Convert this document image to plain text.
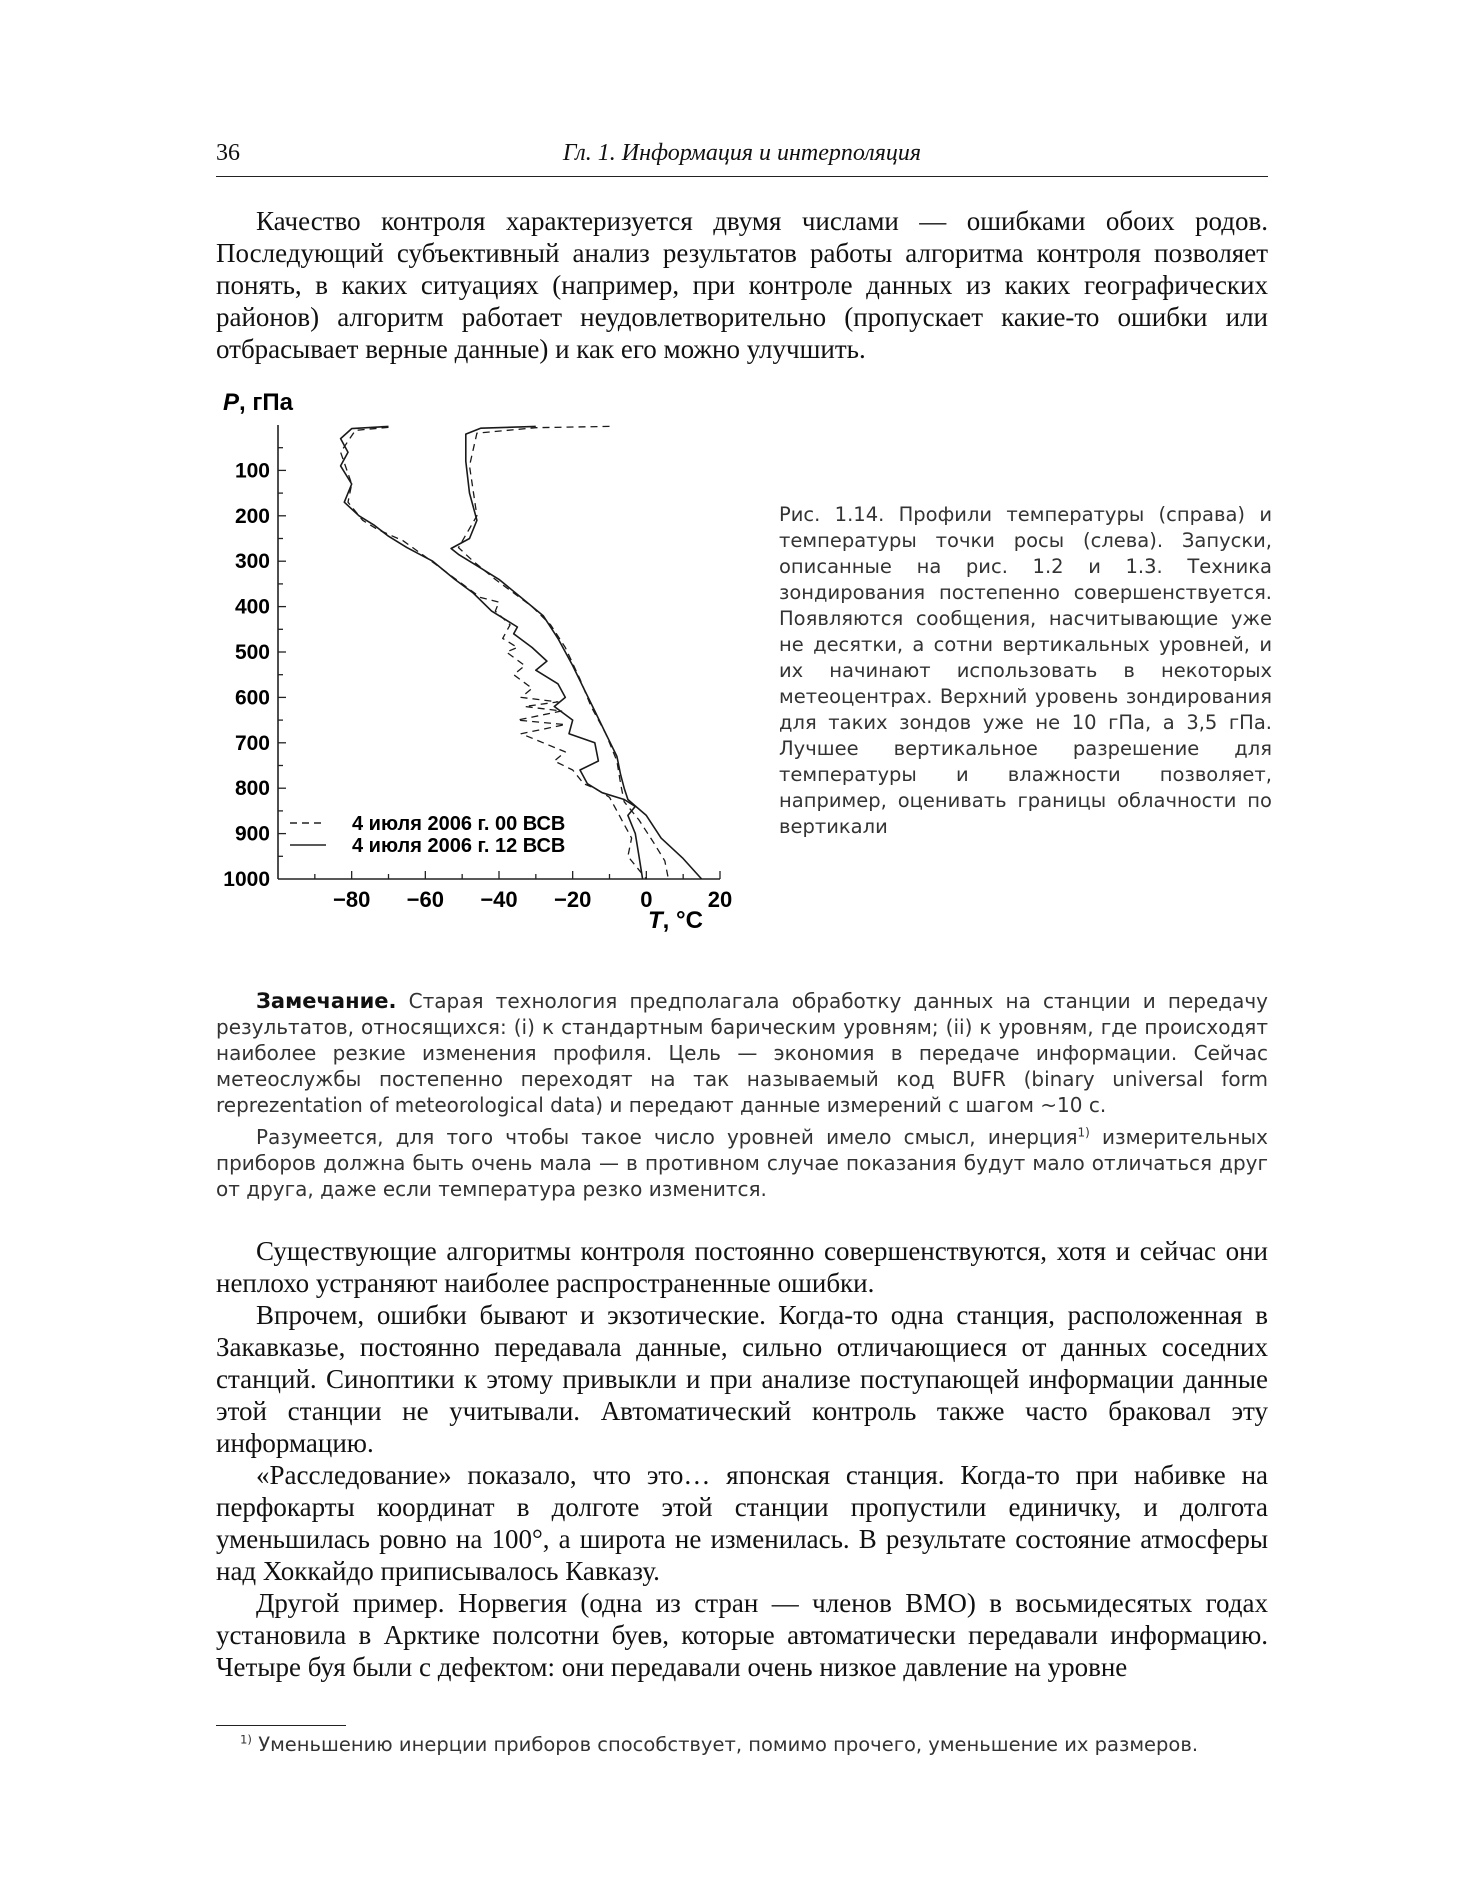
36	Гл. 1. Информация и интерполяция

Качество контроля характеризуется двумя числами — ошибками обоих родов. Последующий субъективный анализ результатов работы алгоритма контроля позволяет понять, в каких ситуациях (например, при контроле данных из каких географических районов) алгоритм работает неудовлетворительно (пропускает какие-то ошибки или отбрасывает верные данные) и как его можно улучшить.

100
200
300
400
500
600
700
800
900
1000
−80 −60 −40 −20 0	20
P, гПа
T, °C
4 июля 2006 г. 00 ВСВ
4 июля 2006 г. 12 ВСВ
Рис. 1.14. Профили температуры (справа) и температуры точки росы (слева). Запуски, описанные на рис. 1.2 и 1.3. Техника зондирования постепенно совершенствуется. Появляются сообщения, насчитывающие уже не десятки, а сотни вертикальных уровней, и их начинают использовать в некоторых метеоцентрах. Верхний уровень зондирования для таких зондов уже не 10 гПа, а 3,5 гПа. Лучшее вертикальное разрешение для температуры и влажности позволяет, например, оценивать границы облачности по вертикали

Замечание. Старая технология предполагала обработку данных на станции и передачу результатов, относящихся: (i) к стандартным барическим уровням; (ii) к уровням, где происходят наиболее резкие изменения профиля. Цель — экономия в передаче информации. Сейчас метеослужбы постепенно переходят на так называемый код BUFR (binary universal form reprezentation of meteorological data) и передают данные измерений с шагом ~10 с.

Разумеется, для того чтобы такое число уровней имело смысл, инерция$^{1)}$ измерительных приборов должна быть очень мала — в противном случае показания будут мало отличаться друг от друга, даже если температура резко изменится.

Существующие алгоритмы контроля постоянно совершенствуются, хотя и сейчас они неплохо устраняют наиболее распространенные ошибки.

Впрочем, ошибки бывают и экзотические. Когда-то одна станция, расположенная в Закавказье, постоянно передавала данные, сильно отличающиеся от данных соседних станций. Синоптики к этому привыкли и при анализе поступающей информации данные этой станции не учитывали. Автоматический контроль также часто браковал эту информацию.

«Расследование» показало, что это… японская станция. Когда-то при набивке на перфокарты координат в долготе этой станции пропустили единичку, и долгота уменьшилась ровно на 100°, а широта не изменилась. В результате состояние атмосферы над Хоккайдо приписывалось Кавказу.

Другой пример. Норвегия (одна из стран — членов ВМО) в восьмидесятых годах установила в Арктике полсотни буев, которые автоматически передавали информацию. Четыре буя были с дефектом: они передавали очень низкое давление на уровне

$^{1)}$ Уменьшению инерции приборов способствует, помимо прочего, уменьшение их размеров.
